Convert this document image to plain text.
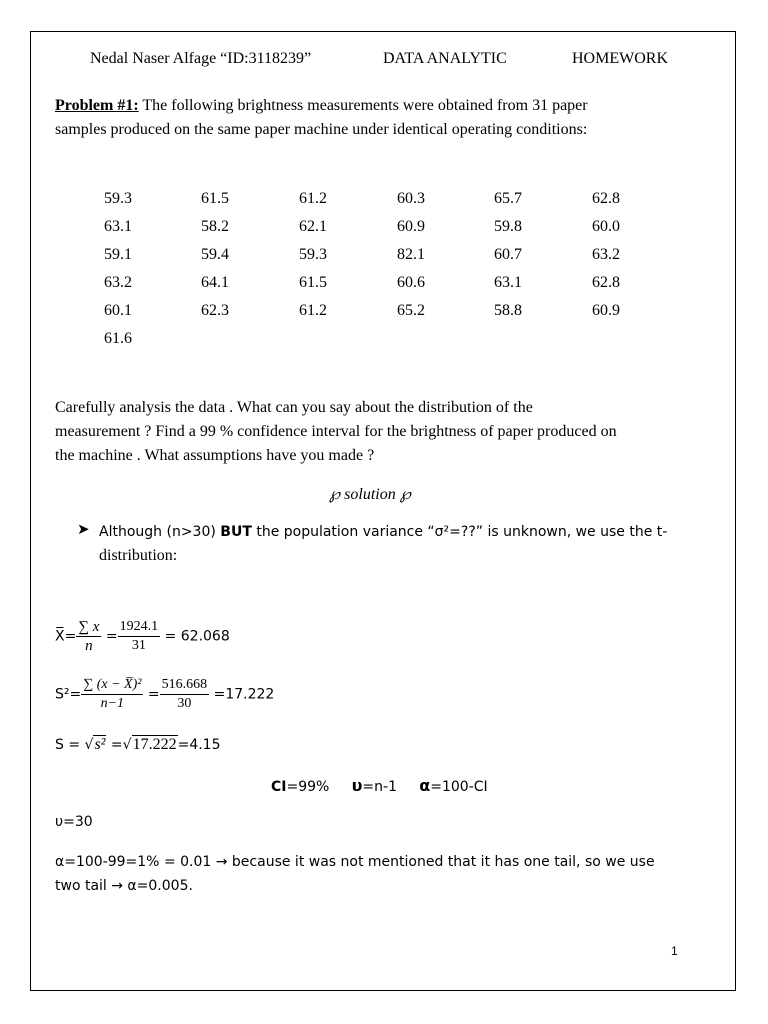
Nedal Naser Alfage “ID:3118239”	DATA ANALYTIC	HOMEWORK
Problem #1: The following brightness measurements were obtained from 31 paper
samples produced on the same paper machine under identical operating conditions:
59.3	61.5	61.2	60.3	65.7	62.8
63.1	58.2	62.1	60.9	59.8	60.0
59.1	59.4	59.3	82.1	60.7	63.2
63.2	64.1	61.5	60.6	63.1	62.8
60.1	62.3	61.2	65.2	58.8	60.9
61.6
Carefully analysis the data . What can you say about the distribution of the
measurement ? Find a 99 % confidence interval for the brightness of paper produced on
the machine . What assumptions have you made ?
℘ solution ℘
➤ Although (n>30) BUT the population variance “σ²=??” is unknown, we use the t-
distribution:
X̅= $\frac{\sum x}{n} = \frac{1924.1}{31} = 62.068$
$S^2= \frac{\text{∑ (x − X̅)²}}{n-1} = \frac{516.668}{30} =17.222$
S = √s² =√17.222=4.15
CI=99% υ=n-1 α=100-CI
υ=30
α=100-99=1% = 0.01 → because it was not mentioned that it has one tail, so we use
two tail → α=0.005.
1
